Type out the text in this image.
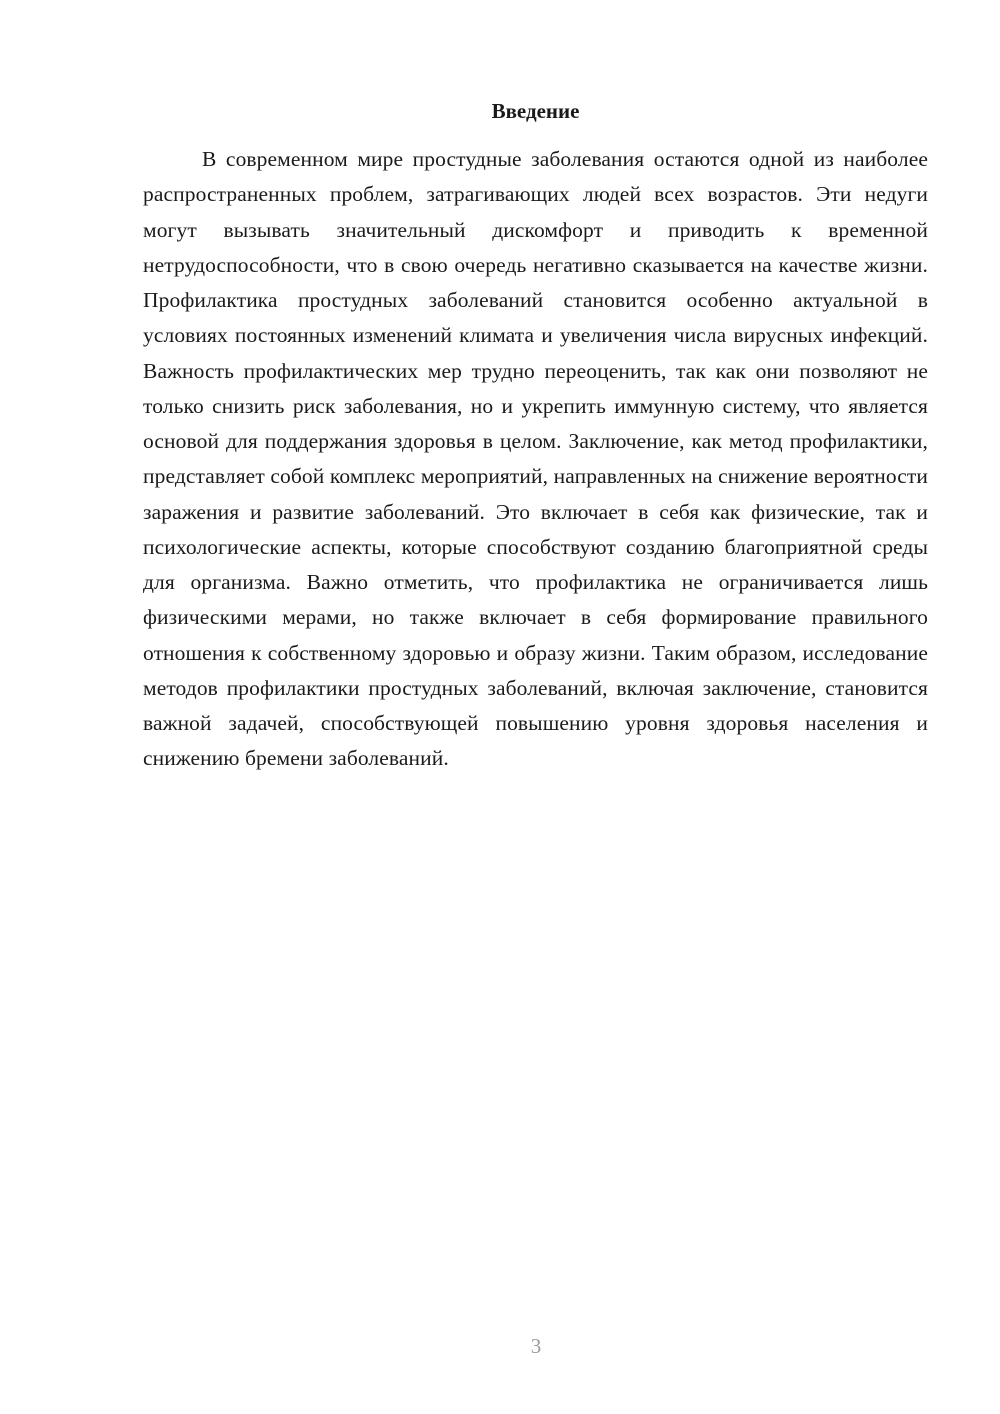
Введение

В современном мире простудные заболевания остаются одной из наиболее распространенных проблем, затрагивающих людей всех возрастов. Эти недуги могут вызывать значительный дискомфорт и приводить к временной нетрудоспособности, что в свою очередь негативно сказывается на качестве жизни. Профилактика простудных заболеваний становится особенно актуальной в условиях постоянных изменений климата и увеличения числа вирусных инфекций. Важность профилактических мер трудно переоценить, так как они позволяют не только снизить риск заболевания, но и укрепить иммунную систему, что является основой для поддержания здоровья в целом. Заключение, как метод профилактики, представляет собой комплекс мероприятий, направленных на снижение вероятности заражения и развитие заболеваний. Это включает в себя как физические, так и психологические аспекты, которые способствуют созданию благоприятной среды для организма. Важно отметить, что профилактика не ограничивается лишь физическими мерами, но также включает в себя формирование правильного отношения к собственному здоровью и образу жизни. Таким образом, исследование методов профилактики простудных заболеваний, включая заключение, становится важной задачей, способствующей повышению уровня здоровья населения и снижению бремени заболеваний.

3
